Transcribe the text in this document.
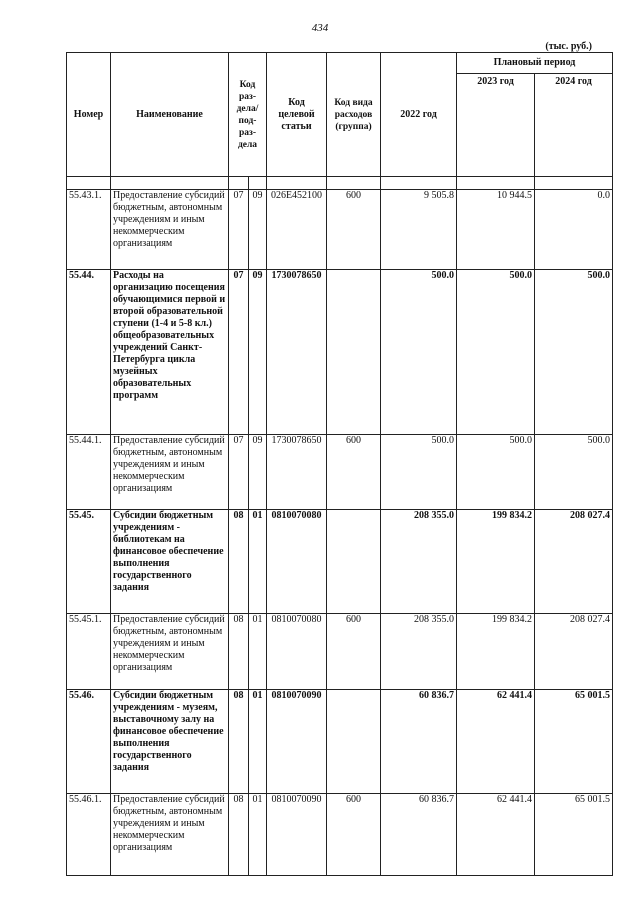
434
(тыс. руб.)
Номер	Наименование	Код раз-дела/ под-раз-дела		Код целевой статьи	Код вида расходов (группа)	2022 год	Плановый период	
							2023 год	2024 год

55.43.1.	Предоставление субсидий бюджетным, автономным учреждениям и иным некоммерческим организациям	07	09	026E452100	600	9 505.8	10 944.5	0.0
55.44.	Расходы на организацию посещения обучающимися первой и второй образовательной ступени (1-4 и 5-8 кл.) общеобразовательных учреждений Санкт-Петербурга цикла музейных образовательных программ	07	09	1730078650		500.0	500.0	500.0
55.44.1.	Предоставление субсидий бюджетным, автономным учреждениям и иным некоммерческим организациям	07	09	1730078650	600	500.0	500.0	500.0
55.45.	Субсидии бюджетным учреждениям - библиотекам на финансовое обеспечение выполнения государственного задания	08	01	0810070080		208 355.0	199 834.2	208 027.4
55.45.1.	Предоставление субсидий бюджетным, автономным учреждениям и иным некоммерческим организациям	08	01	0810070080	600	208 355.0	199 834.2	208 027.4
55.46.	Субсидии бюджетным учреждениям - музеям, выставочному залу на финансовое обеспечение выполнения государственного задания	08	01	0810070090		60 836.7	62 441.4	65 001.5
55.46.1.	Предоставление субсидий бюджетным, автономным учреждениям и иным некоммерческим организациям	08	01	0810070090	600	60 836.7	62 441.4	65 001.5
